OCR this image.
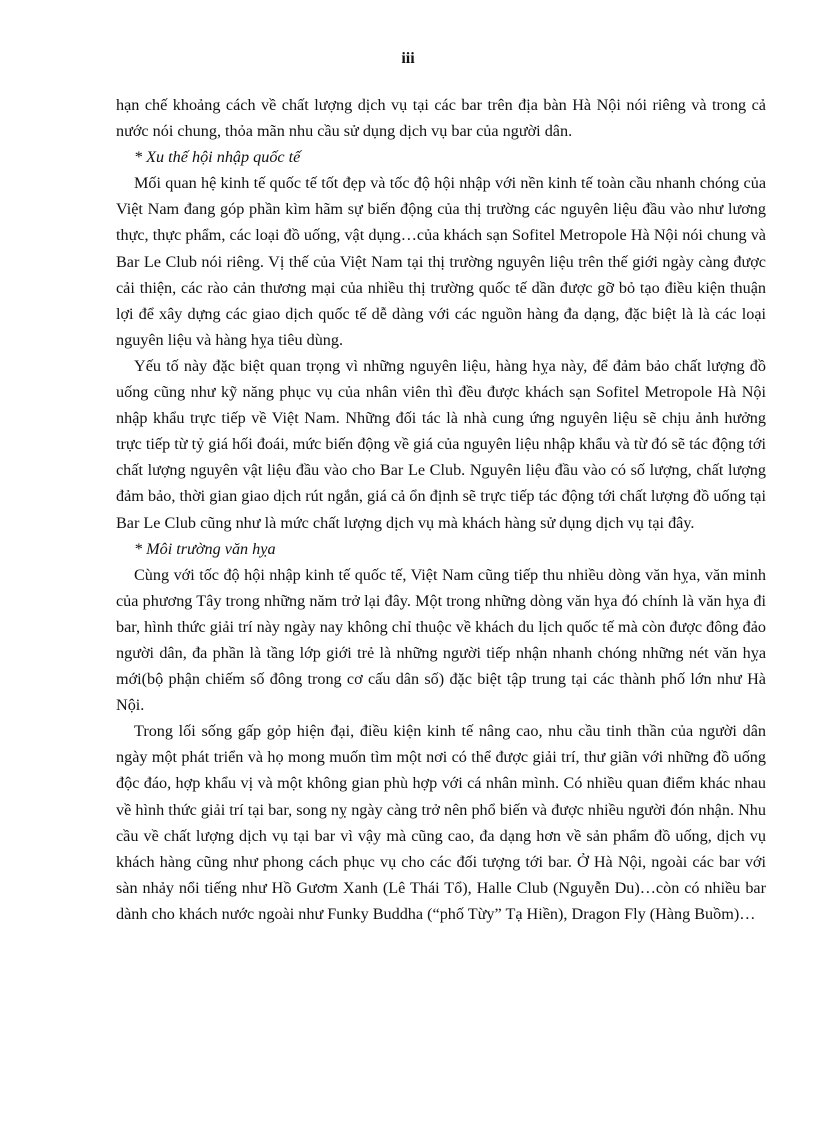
iii

hạn chế khoảng cách về chất lượng dịch vụ tại các bar trên địa bàn Hà Nội nói riêng và trong cả nước nói chung, thỏa mãn nhu cầu sử dụng dịch vụ bar của người dân.

* Xu thế hội nhập quốc tế

Mối quan hệ kinh tế quốc tế tốt đẹp và tốc độ hội nhập với nền kinh tế toàn cầu nhanh chóng của Việt Nam đang góp phần kìm hãm sự biến động của thị trường các nguyên liệu đầu vào như lương thực, thực phẩm, các loại đồ uống, vật dụng…của khách sạn Sofitel Metropole Hà Nội nói chung và Bar Le Club nói riêng. Vị thế của Việt Nam tại thị trường nguyên liệu trên thế giới ngày càng được cải thiện, các rào cản thương mại của nhiều thị trường quốc tế dần được gỡ bỏ tạo điều kiện thuận lợi để xây dựng các giao dịch quốc tế dễ dàng với các nguồn hàng đa dạng, đặc biệt là là các loại nguyên liệu và hàng hỵa tiêu dùng.

Yếu tố này đặc biệt quan trọng vì những nguyên liệu, hàng hỵa này, để đảm bảo chất lượng đồ uống cũng như kỹ năng phục vụ của nhân viên thì đều được khách sạn Sofitel Metropole Hà Nội nhập khẩu trực tiếp về Việt Nam. Những đối tác là nhà cung ứng nguyên liệu sẽ chịu ảnh hưởng trực tiếp từ tỷ giá hối đoái, mức biến động về giá của nguyên liệu nhập khẩu và từ đó sẽ tác động tới chất lượng nguyên vật liệu đầu vào cho Bar Le Club. Nguyên liệu đầu vào có số lượng, chất lượng đảm bảo, thời gian giao dịch rút ngắn, giá cả ổn định sẽ trực tiếp tác động tới chất lượng đồ uống tại Bar Le Club cũng như là mức chất lượng dịch vụ mà khách hàng sử dụng dịch vụ tại đây.

* Môi trường văn hỵa

Cùng với tốc độ hội nhập kinh tế quốc tế, Việt Nam cũng tiếp thu nhiều dòng văn hỵa, văn minh của phương Tây trong những năm trở lại đây. Một trong những dòng văn hỵa đó chính là văn hỵa đi bar, hình thức giải trí này ngày nay không chỉ thuộc về khách du lịch quốc tế mà còn được đông đảo người dân, đa phần là tầng lớp giới trẻ là những người tiếp nhận nhanh chóng những nét văn hỵa mới(bộ phận chiếm số đông trong cơ cấu dân số) đặc biệt tập trung tại các thành phố lớn như Hà Nội.

Trong lối sống gấp gỏp hiện đại, điều kiện kinh tế nâng cao, nhu cầu tinh thần của người dân ngày một phát triển và họ mong muốn tìm một nơi có thể được giải trí, thư giãn với những đồ uống độc đáo, hợp khẩu vị và một không gian phù hợp với cá nhân mình. Có nhiều quan điểm khác nhau về hình thức giải trí tại bar, song nỵ ngày càng trở nên phổ biến và được nhiều người đón nhận. Nhu cầu về chất lượng dịch vụ tại bar vì vậy mà cũng cao, đa dạng hơn về sản phẩm đồ uống, dịch vụ khách hàng cũng như phong cách phục vụ cho các đối tượng tới bar. Ở Hà Nội, ngoài các bar với sàn nhảy nổi tiếng như Hồ Gươm Xanh (Lê Thái Tổ), Halle Club (Nguyễn Du)…còn có nhiều bar dành cho khách nước ngoài như Funky Buddha (“phố Từy” Tạ Hiền), Dragon Fly (Hàng Buồm)…
